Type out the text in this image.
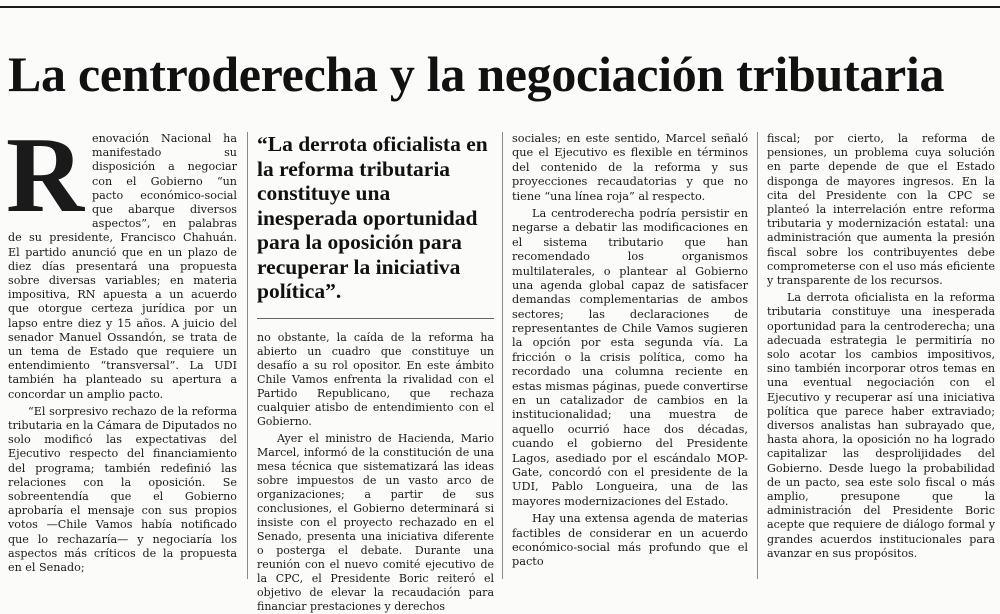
La centroderecha y la negociación tributaria
R enovación Nacional ha manifestado su disposición a negociar con el Gobierno “un pacto económico-social que abarque diversos aspectos”, en palabras de su presidente, Francisco Chahuán. El partido anunció que en un plazo de diez días presentará una propuesta sobre diversas variables; en materia impositiva, RN apuesta a un acuerdo que otorgue certeza jurídica por un lapso entre diez y 15 años. A juicio del senador Manuel Ossandón, se trata de un tema de Estado que requiere un entendimiento “transversal”. La UDI también ha planteado su apertura a concordar un amplio pacto.

“El sorpresivo rechazo de la reforma tributaria en la Cámara de Diputados no solo modificó las expectativas del Ejecutivo respecto del financiamiento del programa; también redefinió las relaciones con la oposición. Se sobreentendía que el Gobierno aprobaría el mensaje con sus propios votos —Chile Vamos había notificado que lo rechazaría— y negociaría los aspectos más críticos de la propuesta en el Senado;

“La derrota oficialista en la reforma tributaria constituye una inesperada oportunidad para la oposición para recuperar la iniciativa política”.

no obstante, la caída de la reforma ha abierto un cuadro que constituye un desafío a su rol opositor. En este ámbito Chile Vamos enfrenta la rivalidad con el Partido Republicano, que rechaza cualquier atisbo de entendimiento con el Gobierno.

Ayer el ministro de Hacienda, Mario Marcel, informó de la constitución de una mesa técnica que sistematizará las ideas sobre impuestos de un vasto arco de organizaciones; a partir de sus conclusiones, el Gobierno determinará si insiste con el proyecto rechazado en el Senado, presenta una iniciativa diferente o posterga el debate. Durante una reunión con el nuevo comité ejecutivo de la CPC, el Presidente Boric reiteró el objetivo de elevar la recaudación para financiar prestaciones y derechos

sociales; en este sentido, Marcel señaló que el Ejecutivo es flexible en términos del contenido de la reforma y sus proyecciones recaudatorias y que no tiene “una línea roja” al respecto.

La centroderecha podría persistir en negarse a debatir las modificaciones en el sistema tributario que han recomendado los organismos multilaterales, o plantear al Gobierno una agenda global capaz de satisfacer demandas complementarias de ambos sectores; las declaraciones de representantes de Chile Vamos sugieren la opción por esta segunda vía. La fricción o la crisis política, como ha recordado una columna reciente en estas mismas páginas, puede convertirse en un catalizador de cambios en la institucionalidad; una muestra de aquello ocurrió hace dos décadas, cuando el gobierno del Presidente Lagos, asediado por el escándalo MOP-Gate, concordó con el presidente de la UDI, Pablo Longueira, una de las mayores modernizaciones del Estado.

Hay una extensa agenda de materias factibles de considerar en un acuerdo económico-social más profundo que el pacto

fiscal; por cierto, la reforma de pensiones, un problema cuya solución en parte depende de que el Estado disponga de mayores ingresos. En la cita del Presidente con la CPC se planteó la interrelación entre reforma tributaria y modernización estatal: una administración que aumenta la presión fiscal sobre los contribuyentes debe comprometerse con el uso más eficiente y transparente de los recursos.

La derrota oficialista en la reforma tributaria constituye una inesperada oportunidad para la centroderecha; una adecuada estrategia le permitiría no solo acotar los cambios impositivos, sino también incorporar otros temas en una eventual negociación con el Ejecutivo y recuperar así una iniciativa política que parece haber extraviado; diversos analistas han subrayado que, hasta ahora, la oposición no ha logrado capitalizar las desprolijidades del Gobierno. Desde luego la probabilidad de un pacto, sea este solo fiscal o más amplio, presupone que la administración del Presidente Boric acepte que requiere de diálogo formal y grandes acuerdos institucionales para avanzar en sus propósitos.
